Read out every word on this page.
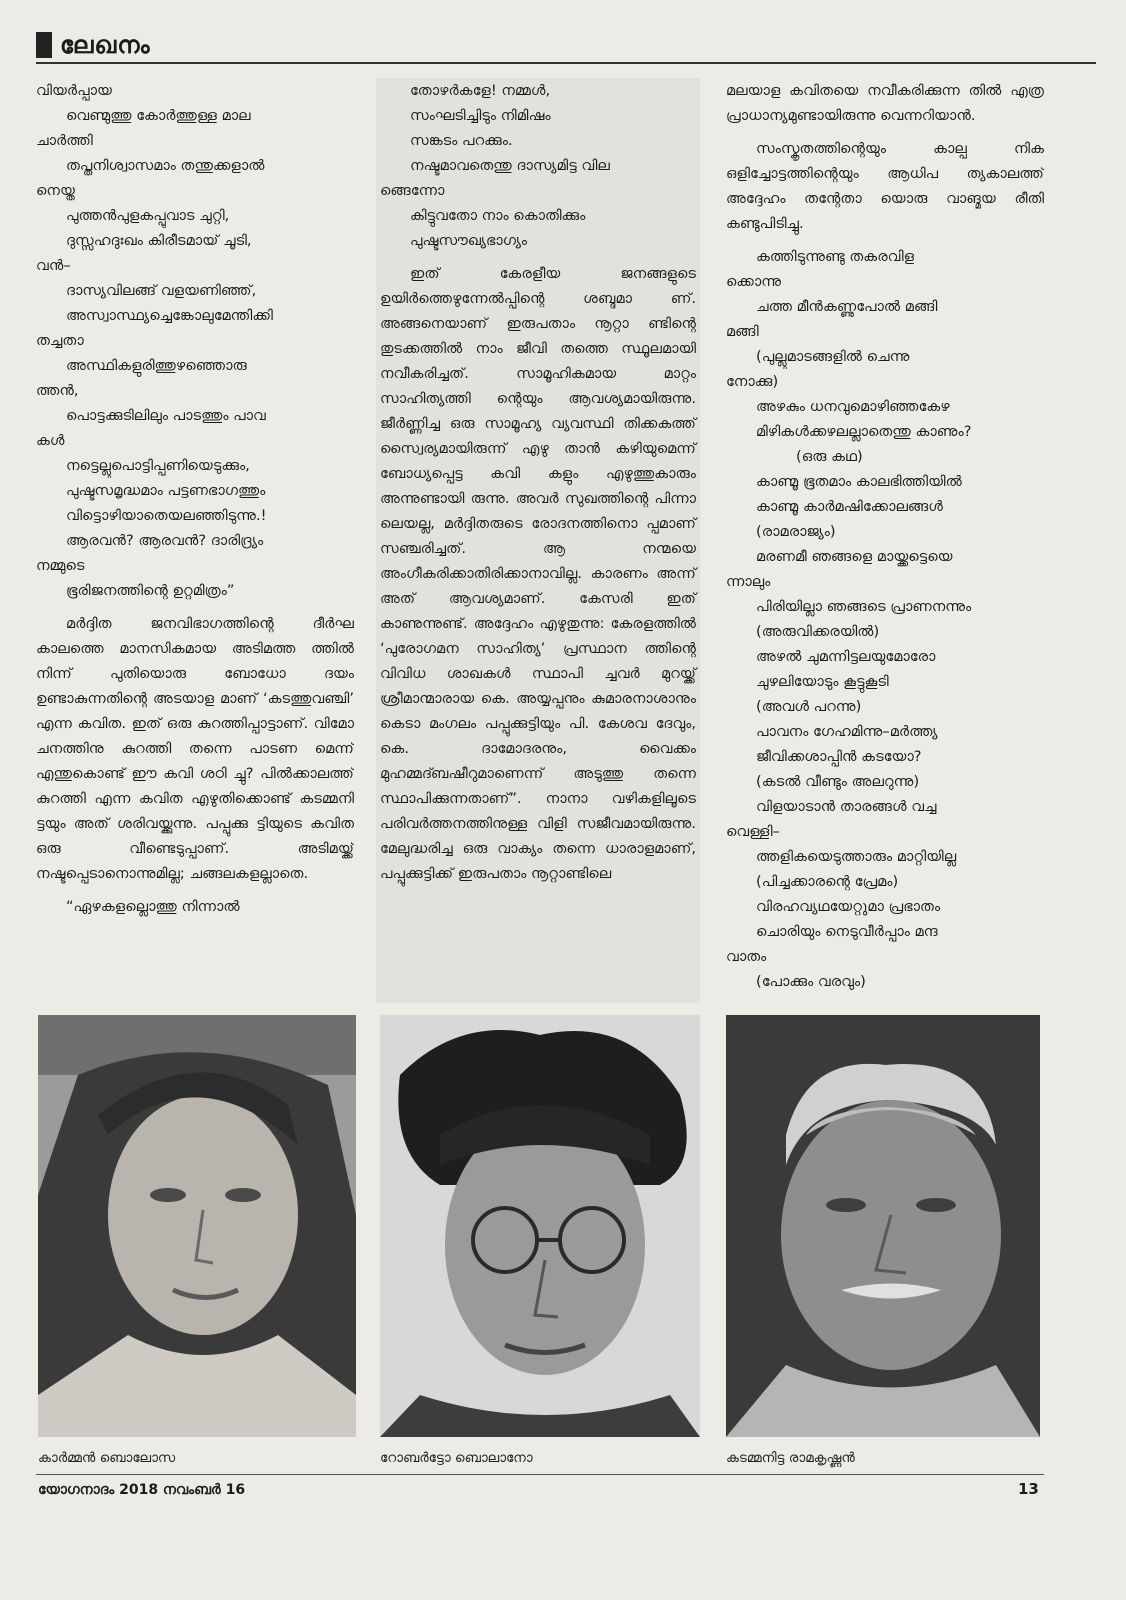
ലേഖനം
വിയർപ്പായ
വെണ്മുത്തു കോർത്തുള്ള മാല
ചാർത്തി
തപ്തനിശ്വാസമാം തന്തുക്കളാൽ
നെയ്ത
പുത്തൻപുളകപ്പുവാട ചുറ്റി,
ദുസ്സഹദുഃഖം കിരീടമായ് ചൂടി,
വൻ–
ദാസ്യവിലങ്ങ് വളയണിഞ്ഞ്,
അസ്വാസ്ഥ്യച്ചെങ്കോലുമേന്തിക്കി
തച്ചതാ
അസ്ഥികളുരിത്തുഴഞ്ഞൊരു
ത്തൻ,
പൊട്ടക്കുടിലിലും പാടത്തും പാവ
കൾ
നട്ടെല്ലുപൊട്ടിപ്പണിയെടുക്കും,
പുഷ്ടസമൃദ്ധമാം പട്ടണഭാഗത്തും
വിട്ടൊഴിയാതെയലഞ്ഞിടുന്നു.!
ആരവൻ? ആരവൻ? ദാരിദ്ര്യം
നമ്മുടെ
ഭൂരിജനത്തിന്റെ ഉറ്റമിത്രം”
മർദ്ദിത ജനവിഭാഗത്തിന്റെ ദീർഘ കാലത്തെ മാനസികമായ അടിമത്ത ത്തിൽ നിന്ന് പുതിയൊരു ബോധോ ദയം ഉണ്ടാകുന്നതിന്റെ അടയാള മാണ് ‘കടത്തുവഞ്ചി’ എന്ന കവിത. ഇത് ഒരു കുറത്തിപ്പാട്ടാണ്. വിമോ ചനത്തിനു കുറത്തി തന്നെ പാടണ മെന്ന് എന്തുകൊണ്ട് ഈ കവി ശഠി ച്ചു? പിൽക്കാലത്ത് കുറത്തി എന്ന കവിത എഴുതിക്കൊണ്ട് കടമ്മനി ട്ടയും അത് ശരിവയ്ക്കുന്നു. പപ്പുക്കു ട്ടിയുടെ കവിത ഒരു വീണ്ടെടുപ്പാണ്. അടിമയ്ക്ക് നഷ്ടപ്പെടാനൊന്നുമില്ല; ചങ്ങലകളല്ലാതെ.
“ഏഴകളല്ലൊത്തു നിന്നാൽ
തോഴർകളേ! നമ്മൾ,
സംഘടിച്ചിടും നിമിഷം
സങ്കടം പറക്കും.
നഷ്ടമാവതെന്തു ദാസ്യമിട്ട വില
ങ്ങെന്നോ
കിട്ടുവതോ നാം കൊതിക്കും
പുഷ്ടസൗഖ്യഭാഗ്യം
ഇത് കേരളീയ ജനങ്ങളുടെ ഉയിർത്തെഴുന്നേൽപ്പിന്റെ ശബ്ദമാ ണ്. അങ്ങനെയാണ് ഇരുപതാം നൂറ്റാ ണ്ടിന്റെ തുടക്കത്തിൽ നാം ജീവി തത്തെ സ്ഥൂലമായി നവീകരിച്ചത്. സാമൂഹികമായ മാറ്റം സാഹിത്യത്തി ന്റെയും ആവശ്യമായിരുന്നു. ജീർണ്ണിച്ച ഒരു സാമൂഹ്യ വ്യവസ്ഥി തിക്കകത്ത് സ്വൈര്യമായിരുന്ന് എഴു താൻ കഴിയുമെന്ന് ബോധ്യപ്പെട്ട കവി കളും എഴുത്തുകാരും അന്നുണ്ടായി രുന്നു. അവർ സുഖത്തിന്റെ പിന്നാ ലെയല്ല, മർദ്ദിതരുടെ രോദനത്തിനൊ പ്പമാണ് സഞ്ചരിച്ചത്. ആ നന്മയെ അംഗീകരിക്കാതിരിക്കാനാവില്ല. കാരണം അന്ന് അത് ആവശ്യമാണ്. കേസരി ഇത് കാണുന്നുണ്ട്. അദ്ദേഹം എഴുതുന്നു: കേരളത്തിൽ ‘പുരോഗമന സാഹിത്യ’ പ്രസ്ഥാന ത്തിന്റെ വിവിധ ശാഖകൾ സ്ഥാപി ച്ചവർ മുറയ്ക്ക് ശ്രീമാന്മാരായ കെ. അയ്യപ്പനും കുമാരനാശാനും കെടാ മംഗലം പപ്പുക്കുട്ടിയും പി. കേശവ ദേവും, കെ. ദാമോദരനും, വൈക്കം മുഹമ്മദ്ബഷീറുമാണെന്ന് അടുത്തു തന്നെ സ്ഥാപിക്കുന്നതാണ്”. നാനാ വഴികളിലൂടെ പരിവർത്തനത്തിനുള്ള വിളി സജീവമായിരുന്നു. മേലുദ്ധരിച്ച ഒരു വാക്യം തന്നെ ധാരാളമാണ്, പപ്പുക്കുട്ടിക്ക് ഇരുപതാം നൂറ്റാണ്ടിലെ
മലയാള കവിതയെ നവീകരിക്കുന്ന തിൽ എത്ര പ്രാധാന്യമുണ്ടായിരുന്നു വെന്നറിയാൻ.
സംസ്കൃതത്തിന്റെയും കാല്പ നിക ഒളിച്ചോട്ടത്തിന്റെയും ആധിപ ത്യകാലത്ത് അദ്ദേഹം തന്റേതാ യൊരു വാങ്മയ രീതി കണ്ടുപിടിച്ചു.
കത്തിടുന്നുണ്ടു തകരവിള
ക്കൊന്നു
ചത്ത മീൻകണ്ണുപോൽ മങ്ങി
മങ്ങി
(പുല്ലുമാടങ്ങളിൽ ചെന്നു
നോക്കു)
അഴകും ധനവുമൊഴിഞ്ഞകേഴ
മിഴികൾക്കഴലല്ലാതെന്തു കാണും?
(ഒരു കഥ)
കാണ്മൂ ഭൂതമാം കാലഭിത്തിയിൽ
കാണ്മൂ കാർമഷിക്കോലങ്ങൾ
(രാമരാജ്യം)
മരണമീ ഞങ്ങളെ മായ്ക്കട്ടെയെ
ന്നാലും
പിരിയില്ലാ ഞങ്ങടെ പ്രാണനന്നും
(അരുവിക്കരയിൽ)
അഴൽ ചുമന്നിട്ടലയുമോരോ
ചുഴലിയോടും കൂട്ടുകൂടി
(അവൾ പറന്നു)
പാവനം ഗേഹമിന്നു–മർത്ത്യ
ജീവിക്കശാപ്പിൻ കടയോ?
(കടൽ വീണ്ടും അലറുന്നു)
വിളയാടാൻ താരങ്ങൾ വച്ച
വെള്ളി–
ത്തളികയെടുത്താരും മാറ്റിയില്ല
(പിച്ചക്കാരന്റെ പ്രേമം)
വിരഹവ്യഥയേറ്റുമാ പ്രഭാതം
ചൊരിയും നെടുവീർപ്പാം മന്ദ
വാതം
(പോക്കും വരവും)
കാർമ്മൻ ബൊലോസ	റോബർട്ടോ ബൊലാനോ	കടമ്മനിട്ട രാമകൃഷ്ണൻ
യോഗനാദം 2018 നവംബർ 16	13
